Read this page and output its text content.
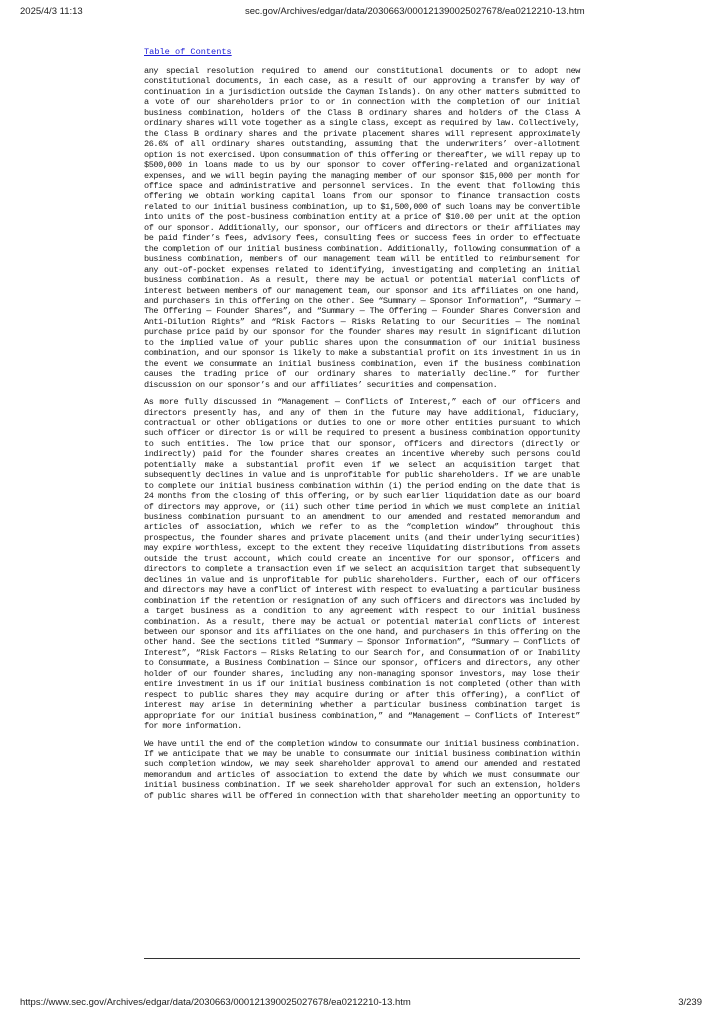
2025/4/3 11:13	sec.gov/Archives/edgar/data/2030663/000121390025027678/ea0212210-13.htm
Table of Contents

any special resolution required to amend our constitutional documents or to adopt new constitutional documents, in each case, as a result of our approving a transfer by way of continuation in a jurisdiction outside the Cayman Islands). On any other matters submitted to a vote of our shareholders prior to or in connection with the completion of our initial business combination, holders of the Class B ordinary shares and holders of the Class A ordinary shares will vote together as a single class, except as required by law. Collectively, the Class B ordinary shares and the private placement shares will represent approximately 26.6% of all ordinary shares outstanding, assuming that the underwriters’ over-allotment option is not exercised. Upon consummation of this offering or thereafter, we will repay up to $500,000 in loans made to us by our sponsor to cover offering-related and organizational expenses, and we will begin paying the managing member of our sponsor $15,000 per month for office space and administrative and personnel services. In the event that following this offering we obtain working capital loans from our sponsor to finance transaction costs related to our initial business combination, up to $1,500,000 of such loans may be convertible into units of the post-business combination entity at a price of $10.00 per unit at the option of our sponsor. Additionally, our sponsor, our officers and directors or their affiliates may be paid finder’s fees, advisory fees, consulting fees or success fees in order to effectuate the completion of our initial business combination. Additionally, following consummation of a business combination, members of our management team will be entitled to reimbursement for any out-of-pocket expenses related to identifying, investigating and completing an initial business combination. As a result, there may be actual or potential material conflicts of interest between members of our management team, our sponsor and its affiliates on one hand, and purchasers in this offering on the other. See “Summary — Sponsor Information”, “Summary — The Offering — Founder Shares”, and “Summary — The Offering — Founder Shares Conversion and Anti-Dilution Rights” and “Risk Factors — Risks Relating to our Securities — The nominal purchase price paid by our sponsor for the founder shares may result in significant dilution to the implied value of your public shares upon the consummation of our initial business combination, and our sponsor is likely to make a substantial profit on its investment in us in the event we consummate an initial business combination, even if the business combination causes the trading price of our ordinary shares to materially decline.” for further discussion on our sponsor’s and our affiliates’ securities and compensation.

As more fully discussed in “Management — Conflicts of Interest,” each of our officers and directors presently has, and any of them in the future may have additional, fiduciary, contractual or other obligations or duties to one or more other entities pursuant to which such officer or director is or will be required to present a business combination opportunity to such entities. The low price that our sponsor, officers and directors (directly or indirectly) paid for the founder shares creates an incentive whereby such persons could potentially make a substantial profit even if we select an acquisition target that subsequently declines in value and is unprofitable for public shareholders. If we are unable to complete our initial business combination within (i) the period ending on the date that is 24 months from the closing of this offering, or by such earlier liquidation date as our board of directors may approve, or (ii) such other time period in which we must complete an initial business combination pursuant to an amendment to our amended and restated memorandum and articles of association, which we refer to as the “completion window” throughout this prospectus, the founder shares and private placement units (and their underlying securities) may expire worthless, except to the extent they receive liquidating distributions from assets outside the trust account, which could create an incentive for our sponsor, officers and directors to complete a transaction even if we select an acquisition target that subsequently declines in value and is unprofitable for public shareholders. Further, each of our officers and directors may have a conflict of interest with respect to evaluating a particular business combination if the retention or resignation of any such officers and directors was included by a target business as a condition to any agreement with respect to our initial business combination. As a result, there may be actual or potential material conflicts of interest between our sponsor and its affiliates on the one hand, and purchasers in this offering on the other hand. See the sections titled “Summary — Sponsor Information”, “Summary — Conflicts of Interest”, “Risk Factors — Risks Relating to our Search for, and Consummation of or Inability to Consummate, a Business Combination — Since our sponsor, officers and directors, any other holder of our founder shares, including any non-managing sponsor investors, may lose their entire investment in us if our initial business combination is not completed (other than with respect to public shares they may acquire during or after this offering), a conflict of interest may arise in determining whether a particular business combination target is appropriate for our initial business combination,” and “Management — Conflicts of Interest” for more information.

We have until the end of the completion window to consummate our initial business combination. If we anticipate that we may be unable to consummate our initial business combination within such completion window, we may seek shareholder approval to amend our amended and restated memorandum and articles of association to extend the date by which we must consummate our initial business combination. If we seek shareholder approval for such an extension, holders of public shares will be offered in connection with that shareholder meeting an opportunity to

https://www.sec.gov/Archives/edgar/data/2030663/000121390025027678/ea0212210-13.htm	3/239
